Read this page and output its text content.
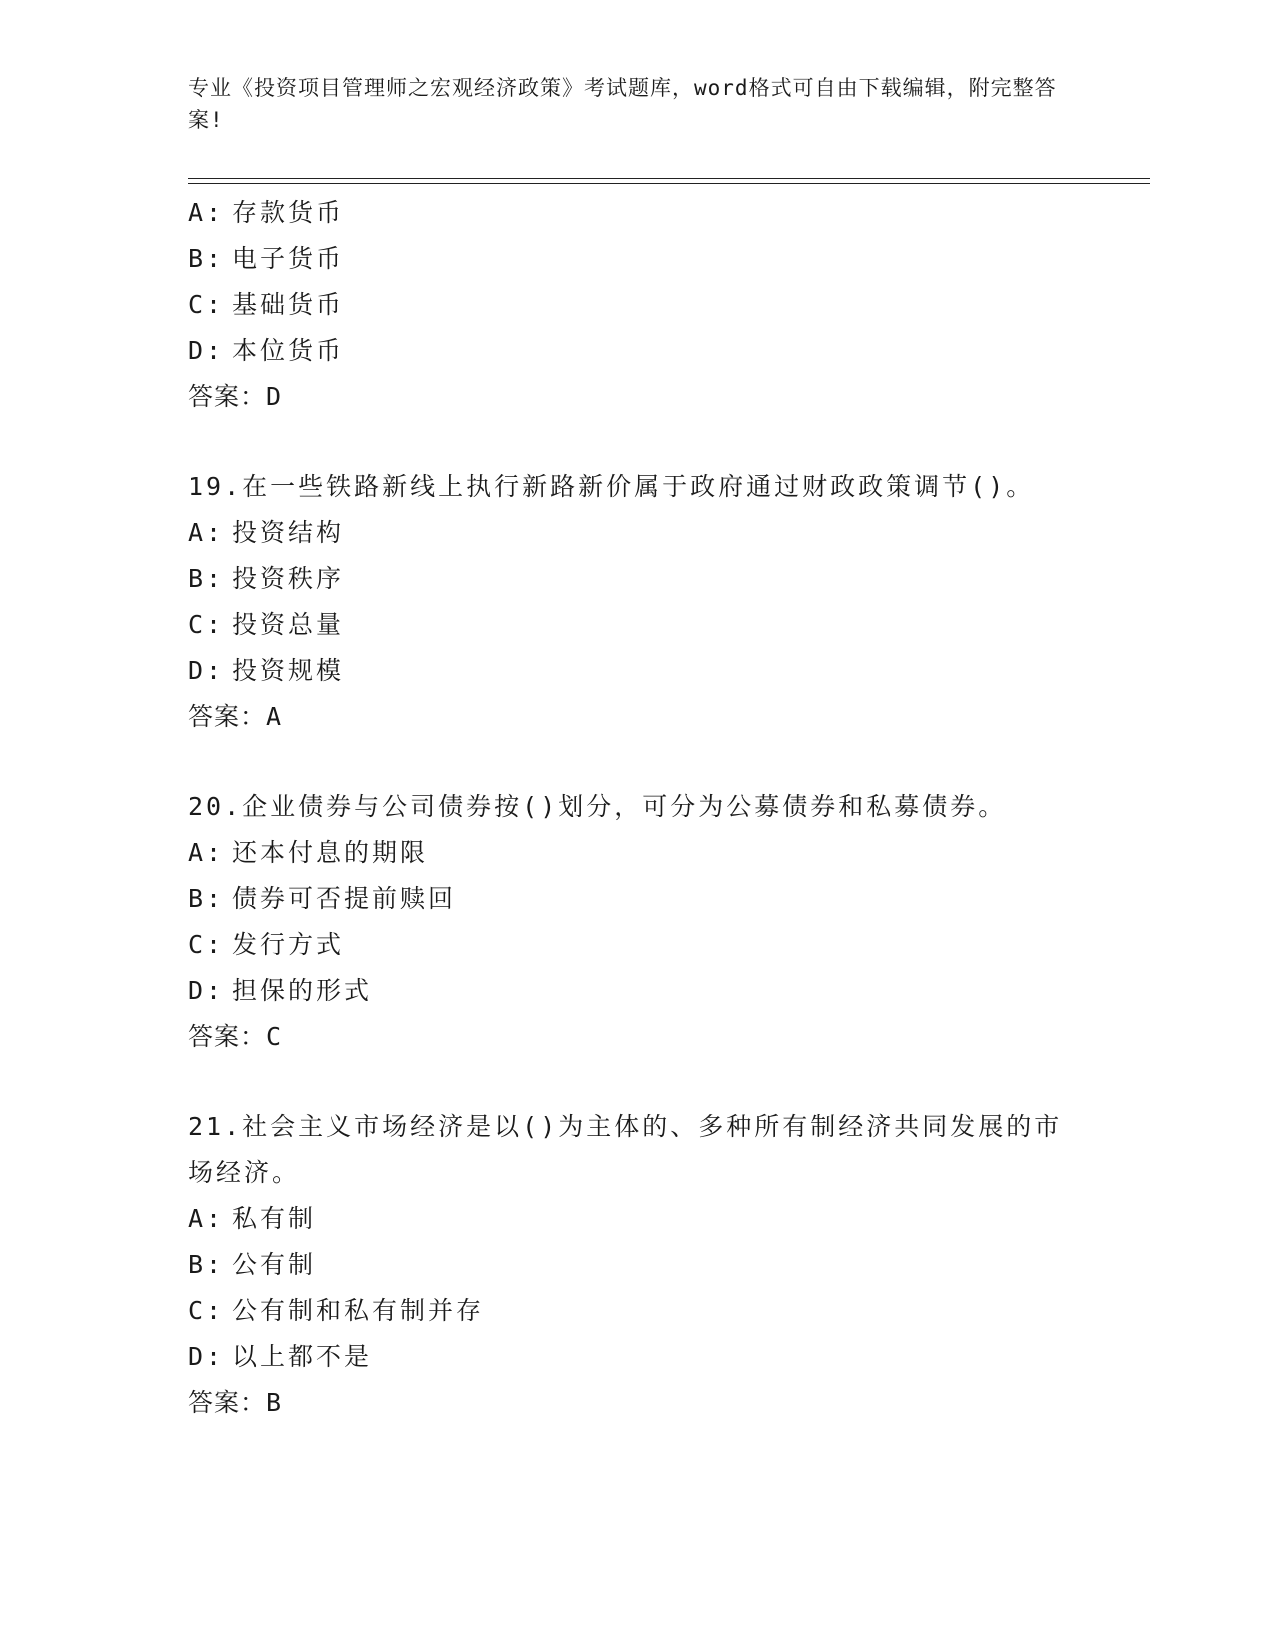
专业《投资项目管理师之宏观经济政策》考试题库，word格式可自由下载编辑，附完整答案!
A: 存款货币
B: 电子货币
C: 基础货币
D: 本位货币
答案：D
19.在一些铁路新线上执行新路新价属于政府通过财政政策调节()。
A: 投资结构
B: 投资秩序
C: 投资总量
D: 投资规模
答案：A
20.企业债券与公司债券按()划分，可分为公募债券和私募债券。
A: 还本付息的期限
B: 债券可否提前赎回
C: 发行方式
D: 担保的形式
答案：C
21.社会主义市场经济是以()为主体的、多种所有制经济共同发展的市场经济。
A: 私有制
B: 公有制
C: 公有制和私有制并存
D: 以上都不是
答案：B
